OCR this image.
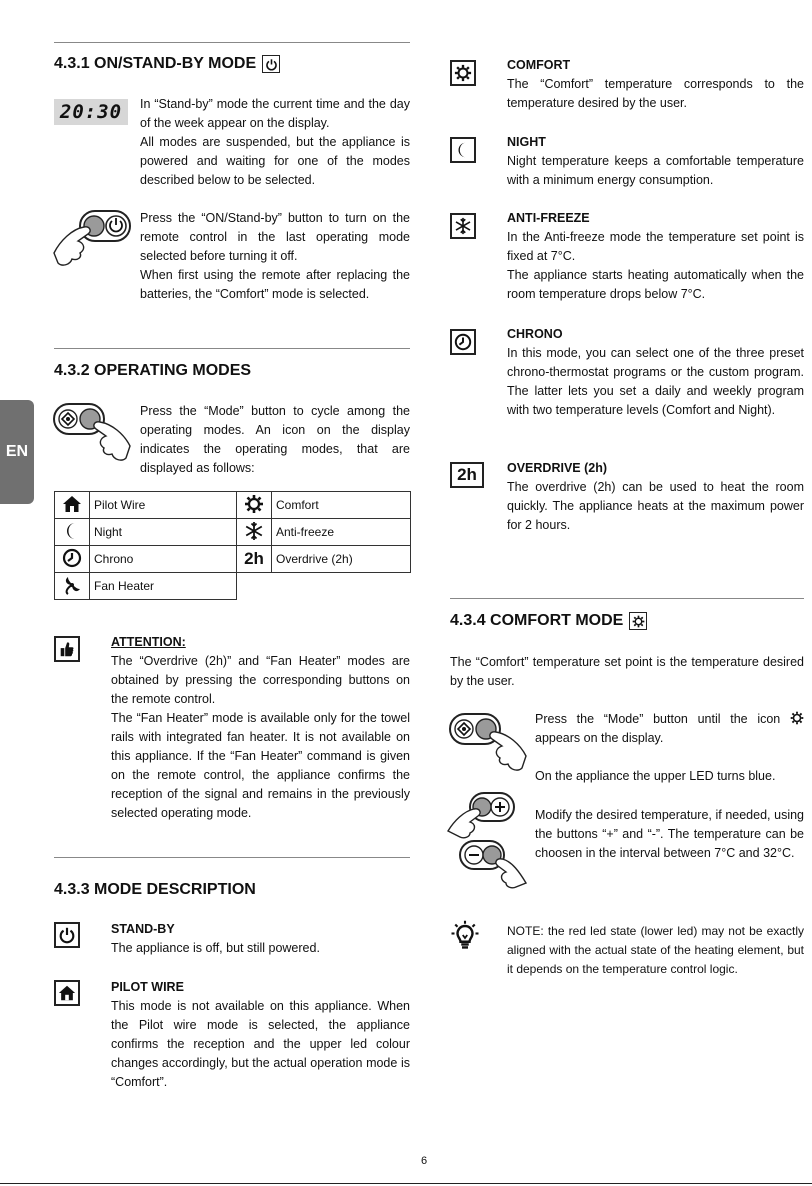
EN
4.3.1 ON/STAND-BY MODE
20:30	In “Stand-by” mode the current time and the day of the week appear on the display.
All modes are suspended, but the appliance is powered and waiting for one of the modes described below to be selected.
Press the “ON/Stand-by” button to turn on the remote control in the last operating mode selected before turning it off.
When first using the remote after replacing the batteries, the “Comfort” mode is selected.
4.3.2 OPERATING MODES
Press the “Mode” button to cycle among the operating modes. An icon on the display indicates the operating modes, that are displayed as follows:
	Pilot Wire		Comfort
	Night		Anti-freeze
	Chrono	2h	Overdrive (2h)
	Fan Heater		
ATTENTION:
The “Overdrive (2h)” and “Fan Heater” modes are obtained by pressing the corresponding buttons on the remote control.
The “Fan Heater” mode is available only for the towel rails with integrated fan heater. It is not available on this appliance. If the “Fan Heater” command is given on the remote control, the appliance confirms the reception of the signal and remains in the previously selected operating mode.
4.3.3 MODE DESCRIPTION
STAND-BY
The appliance is off, but still powered.
PILOT WIRE
This mode is not available on this appliance. When the Pilot wire mode is selected, the appliance confirms the reception and the upper led colour changes accordingly, but the actual operation mode is “Comfort”.
COMFORT
The “Comfort” temperature corresponds to the temperature desired by the user.
NIGHT
Night temperature keeps a comfortable temperature with a minimum energy consumption.
ANTI-FREEZE
In the Anti-freeze mode the temperature set point is fixed at 7°C.
The appliance starts heating automatically when the room temperature drops below 7°C.
CHRONO
In this mode, you can select one of the three preset chrono-thermostat programs or the custom program. The latter lets you set a daily and weekly program with two temperature levels (Comfort and Night).
2h	OVERDRIVE (2h)
The overdrive (2h) can be used to heat the room quickly. The appliance heats at the maximum power for 2 hours.
4.3.4 COMFORT MODE
The “Comfort” temperature set point is the temperature desired by the user.
Press the “Mode” button until the icon  appears on the display.
On the appliance the upper LED turns blue.
Modify the desired temperature, if needed, using the buttons “+” and “-”. The temperature can be choosen in the interval between 7°C and 32°C.
NOTE: the red led state (lower led) may not be exactly aligned with the actual state of the heating element, but it depends on the temperature control logic.
6
